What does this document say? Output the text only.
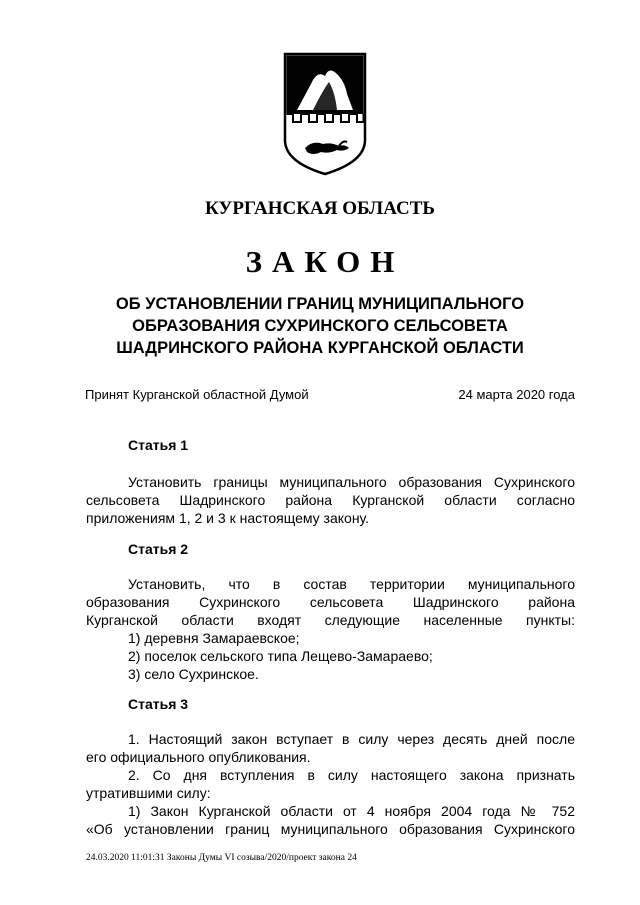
КУРГАНСКАЯ ОБЛАСТЬ
ЗАКОН
ОБ УСТАНОВЛЕНИИ ГРАНИЦ МУНИЦИПАЛЬНОГО
ОБРАЗОВАНИЯ СУХРИНСКОГО СЕЛЬСОВЕТА
ШАДРИНСКОГО РАЙОНА КУРГАНСКОЙ ОБЛАСТИ
Принят Курганской областной Думой	24 марта 2020 года
Статья 1
Установить границы муниципального образования Сухринского
сельсовета Шадринского района Курганской области согласно
приложениям 1, 2 и 3 к настоящему закону.
Статья 2
Установить, что в состав территории муниципального
образования Сухринского сельсовета Шадринского района
Курганской области входят следующие населенные пункты:
1) деревня Замараевское;
2) поселок сельского типа Лещево-Замараево;
3) село Сухринское.
Статья 3
1. Настоящий закон вступает в силу через десять дней после
его официального опубликования.
2. Со дня вступления в силу настоящего закона признать
утратившими силу:
1) Закон Курганской области от 4 ноября 2004 года № 752
«Об установлении границ муниципального образования Сухринского
24.03.2020 11:01:31 Законы Думы VI созыва/2020/проект закона 24
